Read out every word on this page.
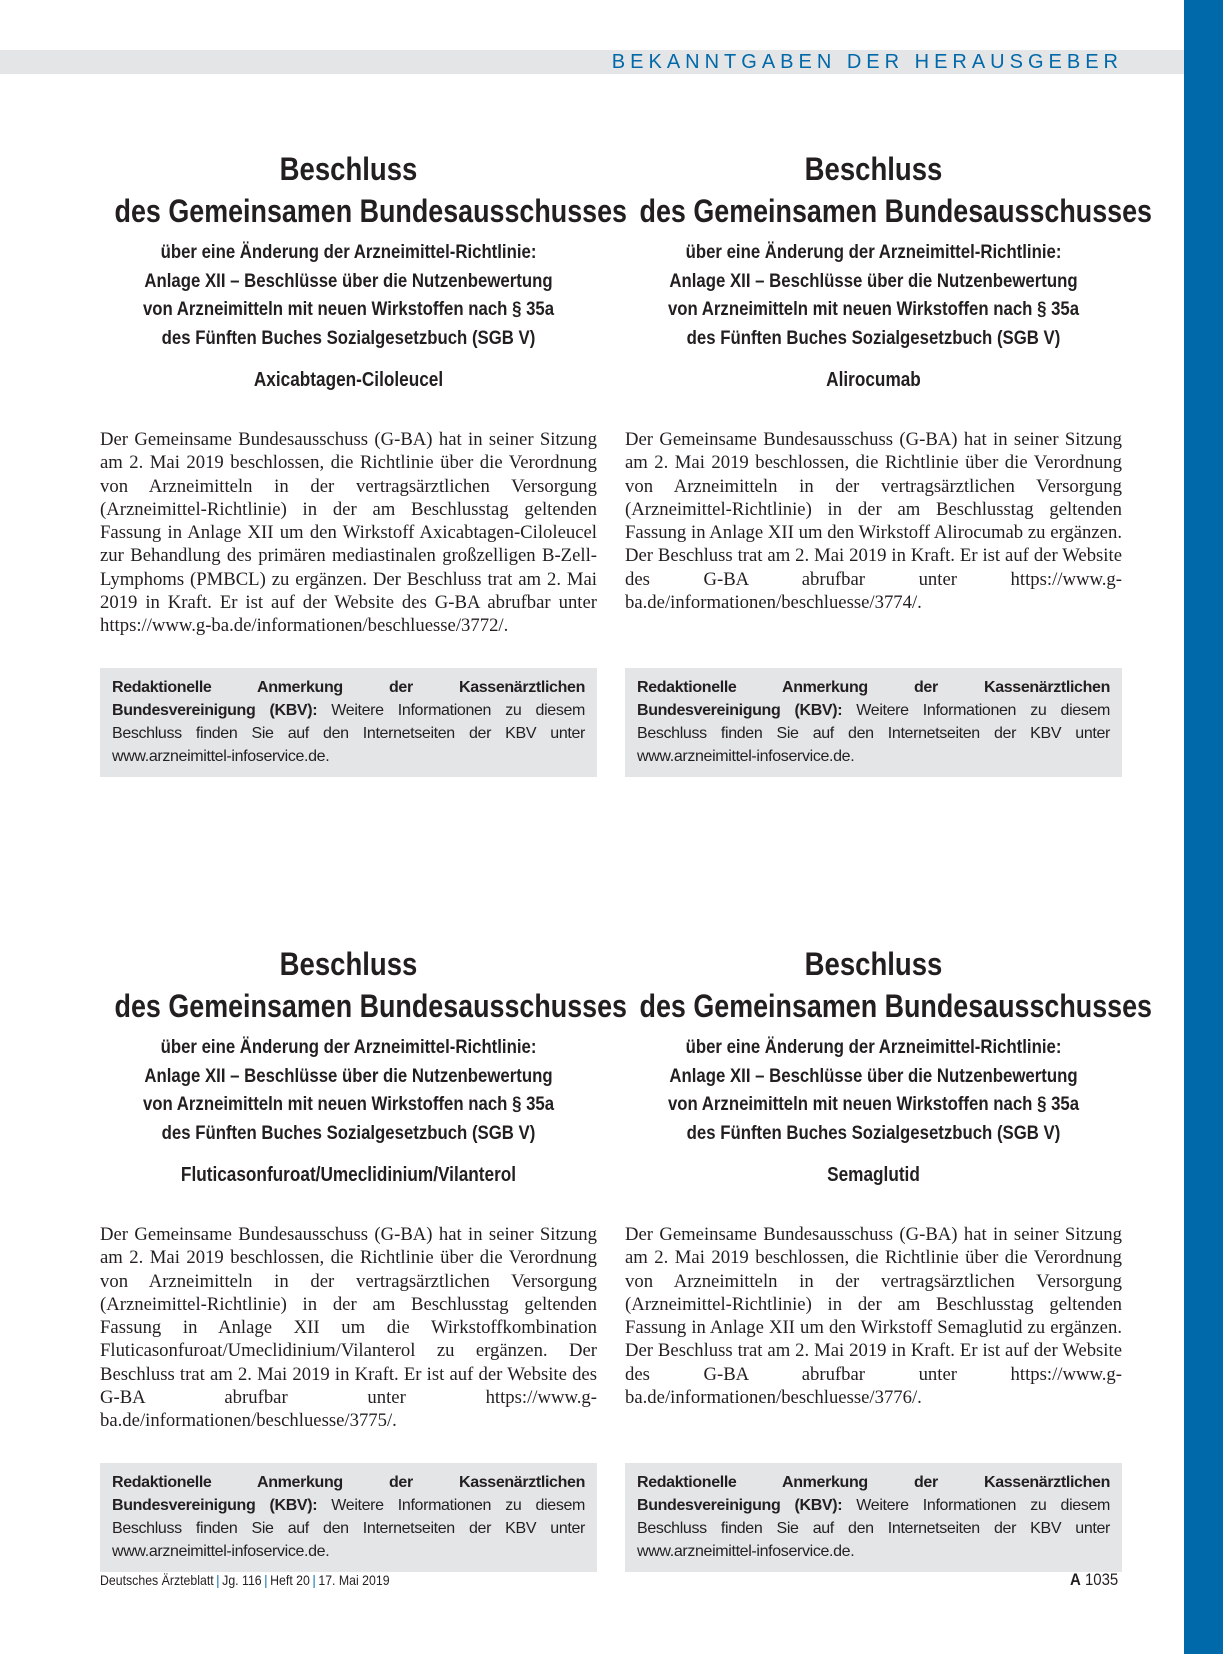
BEKANNTGABEN DER HERAUSGEBER
Beschluss
des Gemeinsamen Bundesausschusses
über eine Änderung der Arzneimittel-Richtlinie:
Anlage XII – Beschlüsse über die Nutzenbewertung
von Arzneimitteln mit neuen Wirkstoffen nach § 35a
des Fünften Buches Sozialgesetzbuch (SGB V)
Axicabtagen-Ciloleucel
Der Gemeinsame Bundesausschuss (G-BA) hat in seiner Sitzung am 2. Mai 2019 beschlossen, die Richtlinie über die Verordnung von Arzneimitteln in der vertragsärztlichen Versorgung (Arzneimittel-Richtlinie) in der am Beschlusstag geltenden Fassung in Anlage XII um den Wirkstoff Axicabtagen-Ciloleucel zur Behandlung des primären mediastinalen großzelligen B-Zell-Lymphoms (PMBCL) zu ergänzen. Der Beschluss trat am 2. Mai 2019 in Kraft. Er ist auf der Website des G-BA abrufbar unter https://www.g-ba.de/informationen/beschluesse/3772/.
Redaktionelle Anmerkung der Kassenärztlichen Bundesvereinigung (KBV): Weitere Informationen zu diesem Beschluss finden Sie auf den Internetseiten der KBV unter www.arzneimittel-infoservice.de.
Beschluss
des Gemeinsamen Bundesausschusses
über eine Änderung der Arzneimittel-Richtlinie:
Anlage XII – Beschlüsse über die Nutzenbewertung
von Arzneimitteln mit neuen Wirkstoffen nach § 35a
des Fünften Buches Sozialgesetzbuch (SGB V)
Alirocumab
Der Gemeinsame Bundesausschuss (G-BA) hat in seiner Sitzung am 2. Mai 2019 beschlossen, die Richtlinie über die Verordnung von Arzneimitteln in der vertragsärztlichen Versorgung (Arzneimittel-Richtlinie) in der am Beschlusstag geltenden Fassung in Anlage XII um den Wirkstoff Alirocumab zu ergänzen. Der Beschluss trat am 2. Mai 2019 in Kraft. Er ist auf der Website des G-BA abrufbar unter https://www.g-ba.de/informationen/beschluesse/3774/.
Redaktionelle Anmerkung der Kassenärztlichen Bundesvereinigung (KBV): Weitere Informationen zu diesem Beschluss finden Sie auf den Internetseiten der KBV unter www.arzneimittel-infoservice.de.
Beschluss
des Gemeinsamen Bundesausschusses
über eine Änderung der Arzneimittel-Richtlinie:
Anlage XII – Beschlüsse über die Nutzenbewertung
von Arzneimitteln mit neuen Wirkstoffen nach § 35a
des Fünften Buches Sozialgesetzbuch (SGB V)
Fluticasonfuroat/Umeclidinium/Vilanterol
Der Gemeinsame Bundesausschuss (G-BA) hat in seiner Sitzung am 2. Mai 2019 beschlossen, die Richtlinie über die Verordnung von Arzneimitteln in der vertragsärztlichen Versorgung (Arzneimittel-Richtlinie) in der am Beschlusstag geltenden Fassung in Anlage XII um die Wirkstoffkombination Fluticasonfuroat/Umeclidinium/Vilanterol zu ergänzen. Der Beschluss trat am 2. Mai 2019 in Kraft. Er ist auf der Website des G-BA abrufbar unter https://www.g-ba.de/informationen/beschluesse/3775/.
Redaktionelle Anmerkung der Kassenärztlichen Bundesvereinigung (KBV): Weitere Informationen zu diesem Beschluss finden Sie auf den Internetseiten der KBV unter www.arzneimittel-infoservice.de.
Beschluss
des Gemeinsamen Bundesausschusses
über eine Änderung der Arzneimittel-Richtlinie:
Anlage XII – Beschlüsse über die Nutzenbewertung
von Arzneimitteln mit neuen Wirkstoffen nach § 35a
des Fünften Buches Sozialgesetzbuch (SGB V)
Semaglutid
Der Gemeinsame Bundesausschuss (G-BA) hat in seiner Sitzung am 2. Mai 2019 beschlossen, die Richtlinie über die Verordnung von Arzneimitteln in der vertragsärztlichen Versorgung (Arzneimittel-Richtlinie) in der am Beschlusstag geltenden Fassung in Anlage XII um den Wirkstoff Semaglutid zu ergänzen. Der Beschluss trat am 2. Mai 2019 in Kraft. Er ist auf der Website des G-BA abrufbar unter https://www.g-ba.de/informationen/beschluesse/3776/.
Redaktionelle Anmerkung der Kassenärztlichen Bundesvereinigung (KBV): Weitere Informationen zu diesem Beschluss finden Sie auf den Internetseiten der KBV unter www.arzneimittel-infoservice.de.
Deutsches Ärzteblatt | Jg. 116 | Heft 20 | 17. Mai 2019	A 1035
